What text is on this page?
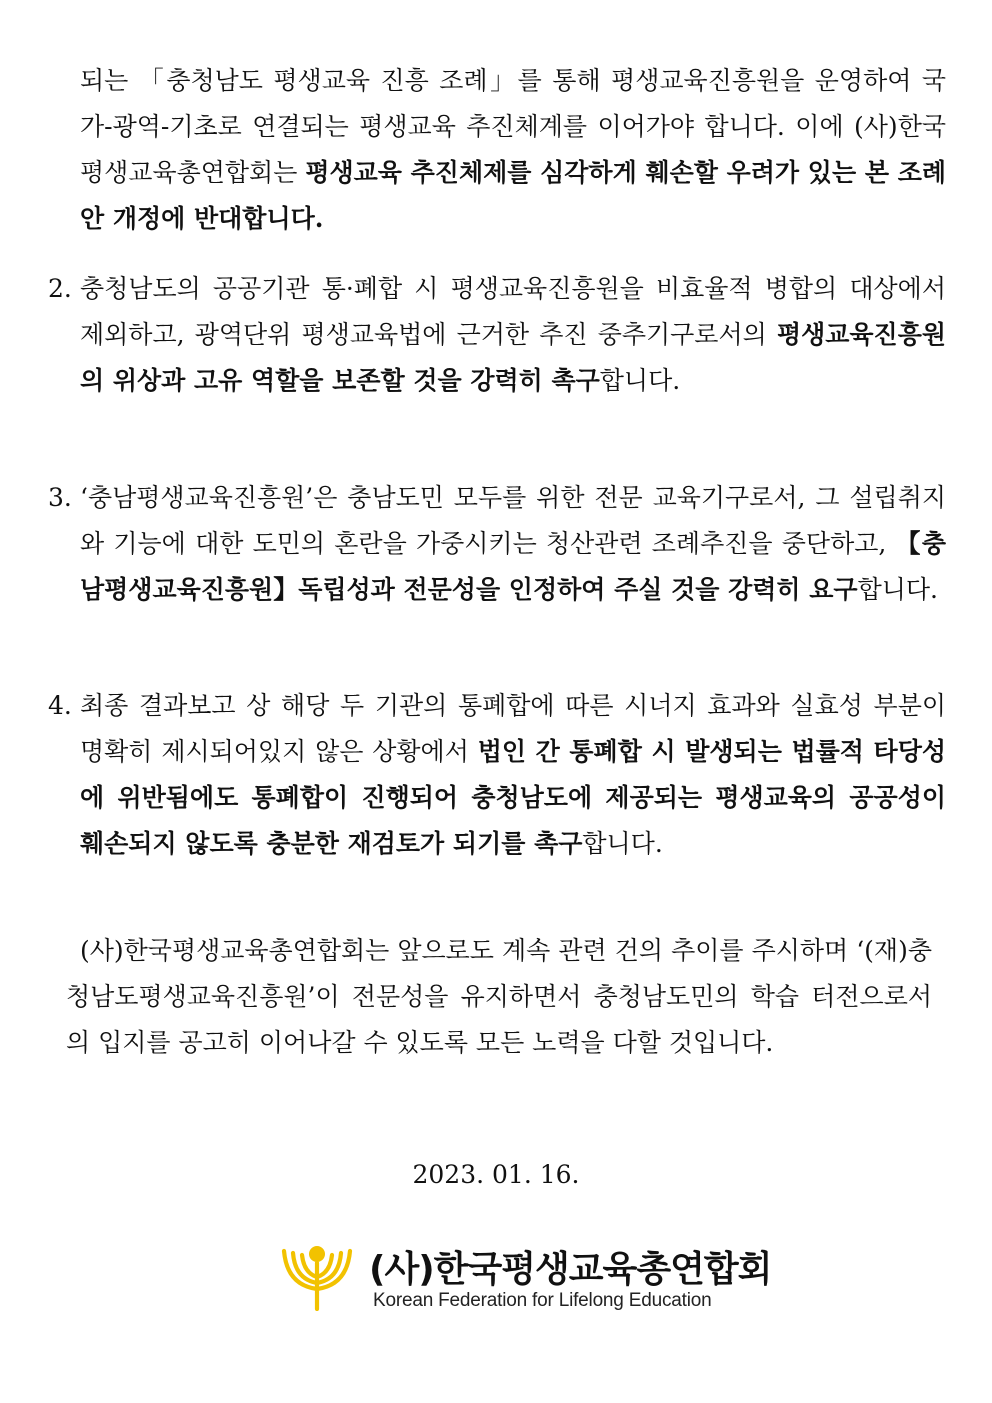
되는 「충청남도 평생교육 진흥 조례」를 통해 평생교육진흥원을 운영하여 국가-광역-기초로 연결되는 평생교육 추진체계를 이어가야 합니다. 이에 (사)한국평생교육총연합회는 평생교육 추진체제를 심각하게 훼손할 우려가 있는 본 조례안 개정에 반대합니다.

2. 충청남도의 공공기관 통·폐합 시 평생교육진흥원을 비효율적 병합의 대상에서 제외하고, 광역단위 평생교육법에 근거한 추진 중추기구로서의 평생교육진흥원의 위상과 고유 역할을 보존할 것을 강력히 촉구합니다.

3. ‘충남평생교육진흥원’은 충남도민 모두를 위한 전문 교육기구로서, 그 설립취지와 기능에 대한 도민의 혼란을 가중시키는 청산관련 조례추진을 중단하고, 【충남평생교육진흥원】독립성과 전문성을 인정하여 주실 것을 강력히 요구합니다.

4. 최종 결과보고 상 해당 두 기관의 통폐합에 따른 시너지 효과와 실효성 부분이 명확히 제시되어있지 않은 상황에서 법인 간 통폐합 시 발생되는 법률적 타당성에 위반됨에도 통폐합이 진행되어 충청남도에 제공되는 평생교육의 공공성이 훼손되지 않도록 충분한 재검토가 되기를 촉구합니다.

(사)한국평생교육총연합회는 앞으로도 계속 관련 건의 추이를 주시하며 ‘(재)충청남도평생교육진흥원’이 전문성을 유지하면서 충청남도민의 학습 터전으로서의 입지를 공고히 이어나갈 수 있도록 모든 노력을 다할 것입니다.

2023. 01. 16.
(사)한국평생교육총연합회
Korean Federation for Lifelong Education
